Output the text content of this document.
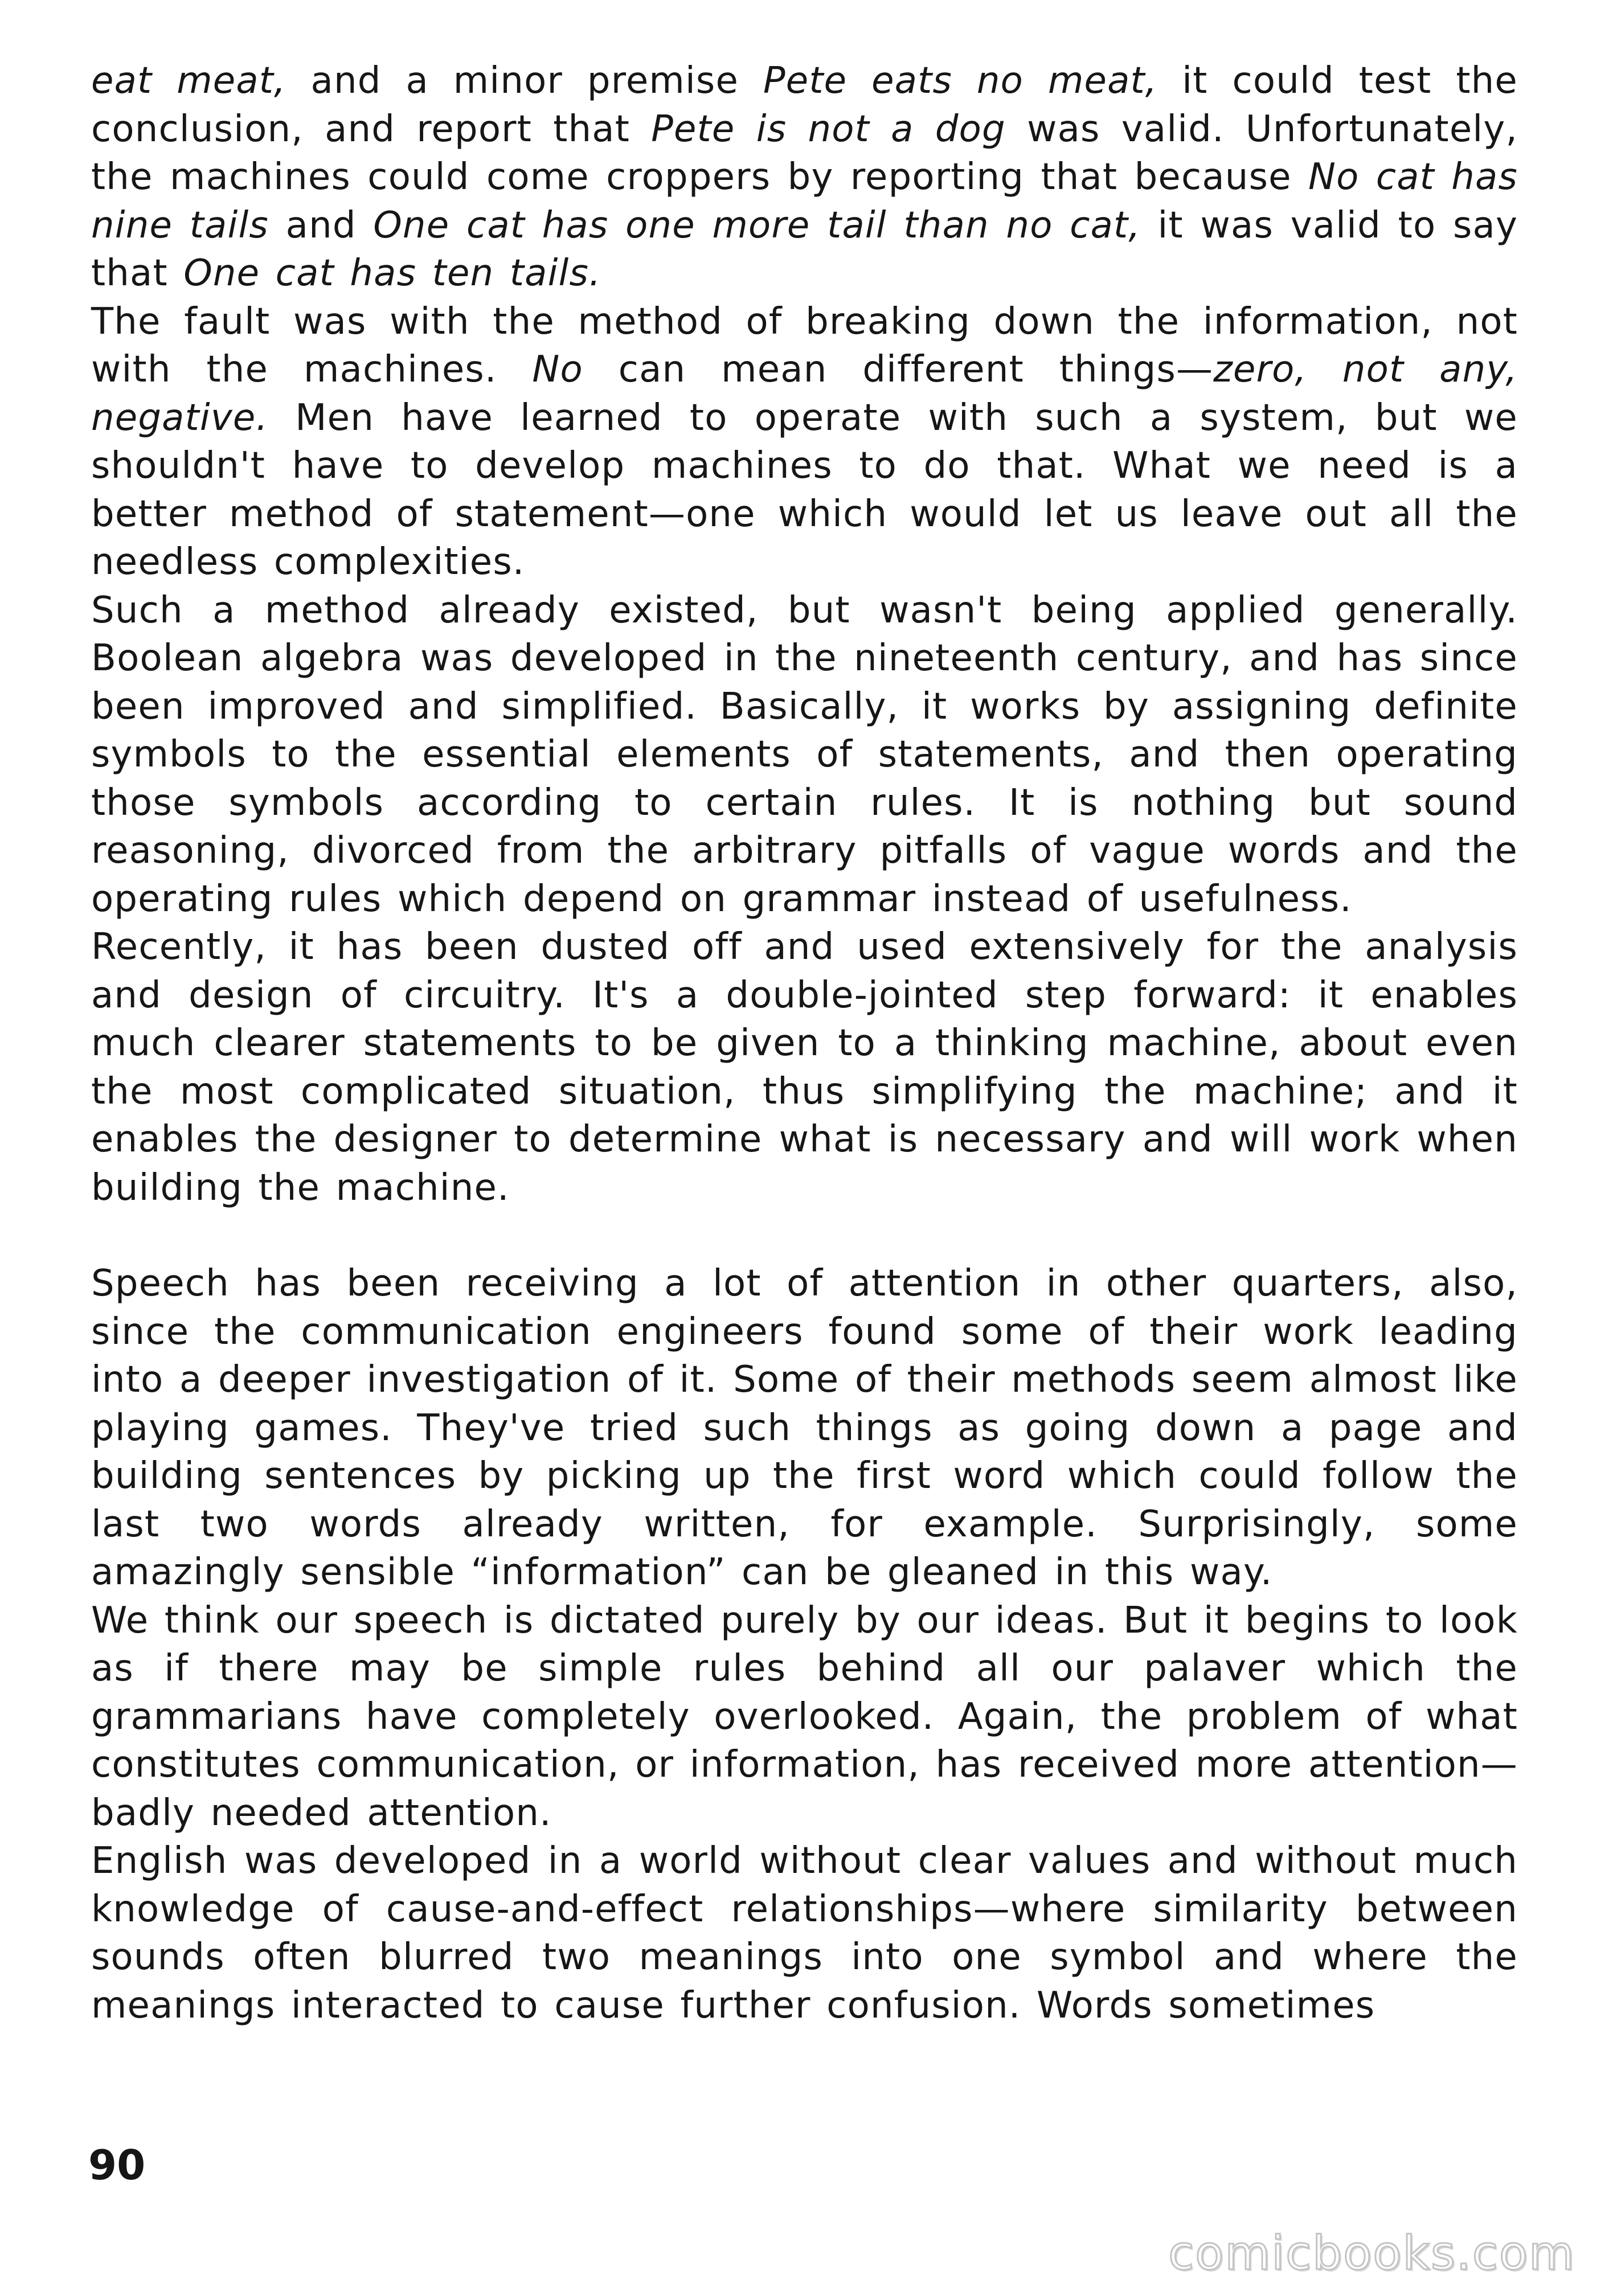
eat meat, and a minor premise Pete eats no meat, it could test the conclusion, and report that Pete is not a dog was valid. Unfortunately, the machines could come croppers by reporting that because No cat has nine tails and One cat has one more tail than no cat, it was valid to say that One cat has ten tails.

The fault was with the method of breaking down the information, not with the machines. No can mean different things—zero, not any, negative. Men have learned to operate with such a system, but we shouldn't have to develop machines to do that. What we need is a better method of statement—one which would let us leave out all the needless complexities.

Such a method already existed, but wasn't being applied generally. Boolean algebra was developed in the nineteenth century, and has since been improved and simplified. Basically, it works by assigning definite symbols to the essential elements of statements, and then operating those symbols according to certain rules. It is nothing but sound reasoning, divorced from the arbitrary pitfalls of vague words and the operating rules which depend on grammar instead of usefulness.

Recently, it has been dusted off and used extensively for the analysis and design of circuitry. It's a double-jointed step forward: it enables much clearer statements to be given to a thinking machine, about even the most complicated situation, thus simplifying the machine; and it enables the designer to determine what is necessary and will work when building the machine.

Speech has been receiving a lot of attention in other quarters, also, since the communication engineers found some of their work leading into a deeper investigation of it. Some of their methods seem almost like playing games. They've tried such things as going down a page and building sentences by picking up the first word which could follow the last two words already written, for example. Surprisingly, some amazingly sensible “information” can be gleaned in this way.

We think our speech is dictated purely by our ideas. But it begins to look as if there may be simple rules behind all our palaver which the grammarians have completely overlooked. Again, the problem of what constitutes communication, or information, has received more attention—badly needed attention.

English was developed in a world without clear values and without much knowledge of cause-and-effect relationships—where similarity between sounds often blurred two meanings into one symbol and where the meanings interacted to cause further confusion. Words sometimes

90
comicbooks.com
